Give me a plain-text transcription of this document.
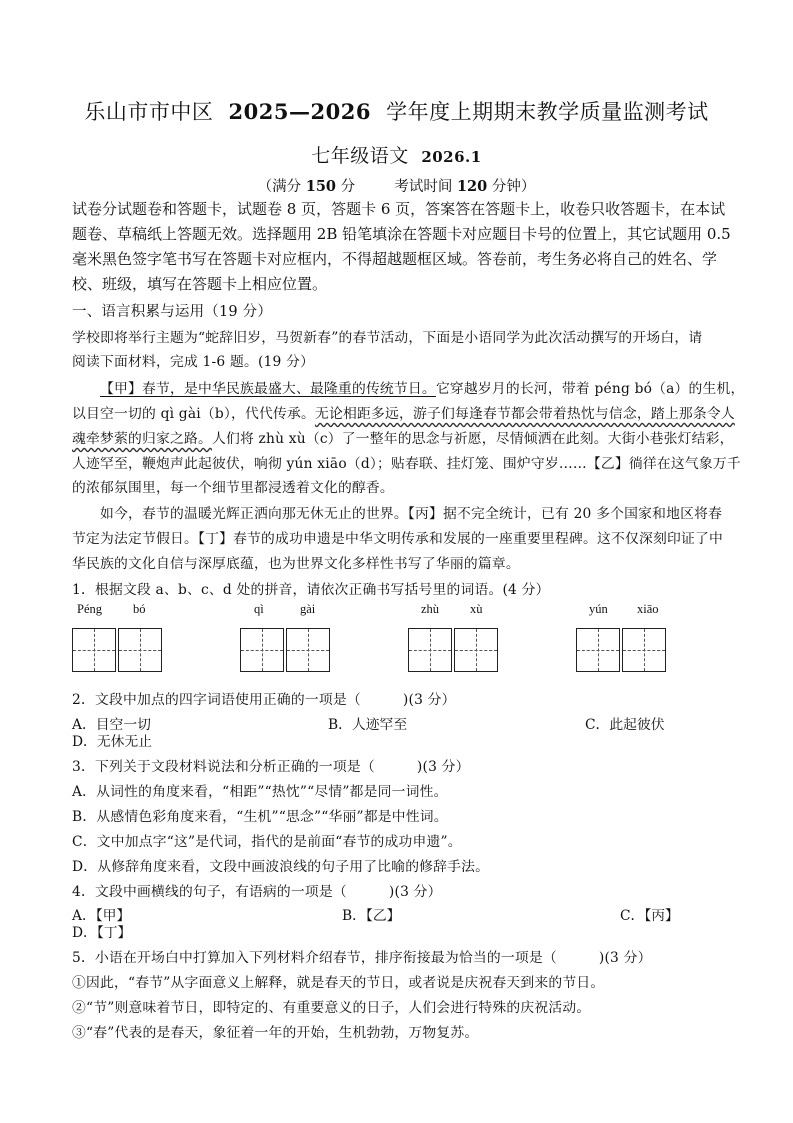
乐山市市中区 2025—2026 学年度上期期末教学质量监测考试
七年级语文 2026.1
（满分 150 分	考试时间 120 分钟）
试卷分试题卷和答题卡，试题卷 8 页，答题卡 6 页，答案答在答题卡上，收卷只收答题卡，在本试题卷、草稿纸上答题无效。选择题用 2B 铅笔填涂在答题卡对应题目卡号的位置上，其它试题用 0.5 毫米黑色签字笔书写在答题卡对应框内，不得超越题框区域。答卷前，考生务必将自己的姓名、学校、班级，填写在答题卡上相应位置。
一、语言积累与运用（19 分）
学校即将举行主题为“蛇辞旧岁，马贺新春”的春节活动，下面是小语同学为此次活动撰写的开场白，请
阅读下面材料，完成 1-6 题。(19 分）
【甲】春节，是中华民族最盛大、最隆重的传统节日。它穿越岁月的长河，带着 péng bó（a）的生机，
以目空一切的 qì gài（b），代代传承。无论相距多远，游子们每逢春节都会带着热忱与信念，踏上那条令人
魂牵梦萦的归家之路。人们将 zhù xù（c）了一整年的思念与祈愿，尽情倾洒在此刻。大街小巷张灯结彩，
人迹罕至，鞭炮声此起彼伏，响彻 yún xiāo（d）；贴春联、挂灯笼、围炉守岁……【乙】徜徉在这气象万千
的浓郁氛围里，每一个细节里都浸透着文化的醇香。
如今，春节的温暖光辉正洒向那无休无止的世界。【丙】据不完全统计，已有 20 多个国家和地区将春
节定为法定节假日。【丁】春节的成功申遗是中华文明传承和发展的一座重要里程碑。这不仅深刻印证了中
华民族的文化自信与深厚底蕴，也为世界文化多样性书写了华丽的篇章。
1．根据文段 a、b、c、d 处的拼音，请依次正确书写括号里的词语。(4 分）
Péng bó	qì	gài	zhù xù	yún xiāo
2．文段中加点的四字词语使用正确的一项是（　　　)(3 分）
A．目空一切	B．人迹罕至	C．此起彼伏
D．无休无止
3．下列关于文段材料说法和分析正确的一项是（　　　)(3 分）
A．从词性的角度来看，“相距”“热忱”“尽情”都是同一词性。
B．从感情色彩角度来看，“生机”“思念”“华丽”都是中性词。
C．文中加点字“这”是代词，指代的是前面“春节的成功申遗”。
D．从修辞角度来看，文段中画波浪线的句子用了比喻的修辞手法。
4．文段中画横线的句子，有语病的一项是（　　　)(3 分）
A．【甲】	B．【乙】	C．【丙】
D．【丁】
5．小语在开场白中打算加入下列材料介绍春节，排序衔接最为恰当的一项是（　　　)(3 分）
①因此，“春节”从字面意义上解释，就是春天的节日，或者说是庆祝春天到来的节日。
②“节”则意味着节日，即特定的、有重要意义的日子，人们会进行特殊的庆祝活动。
③“春”代表的是春天，象征着一年的开始，生机勃勃，万物复苏。
